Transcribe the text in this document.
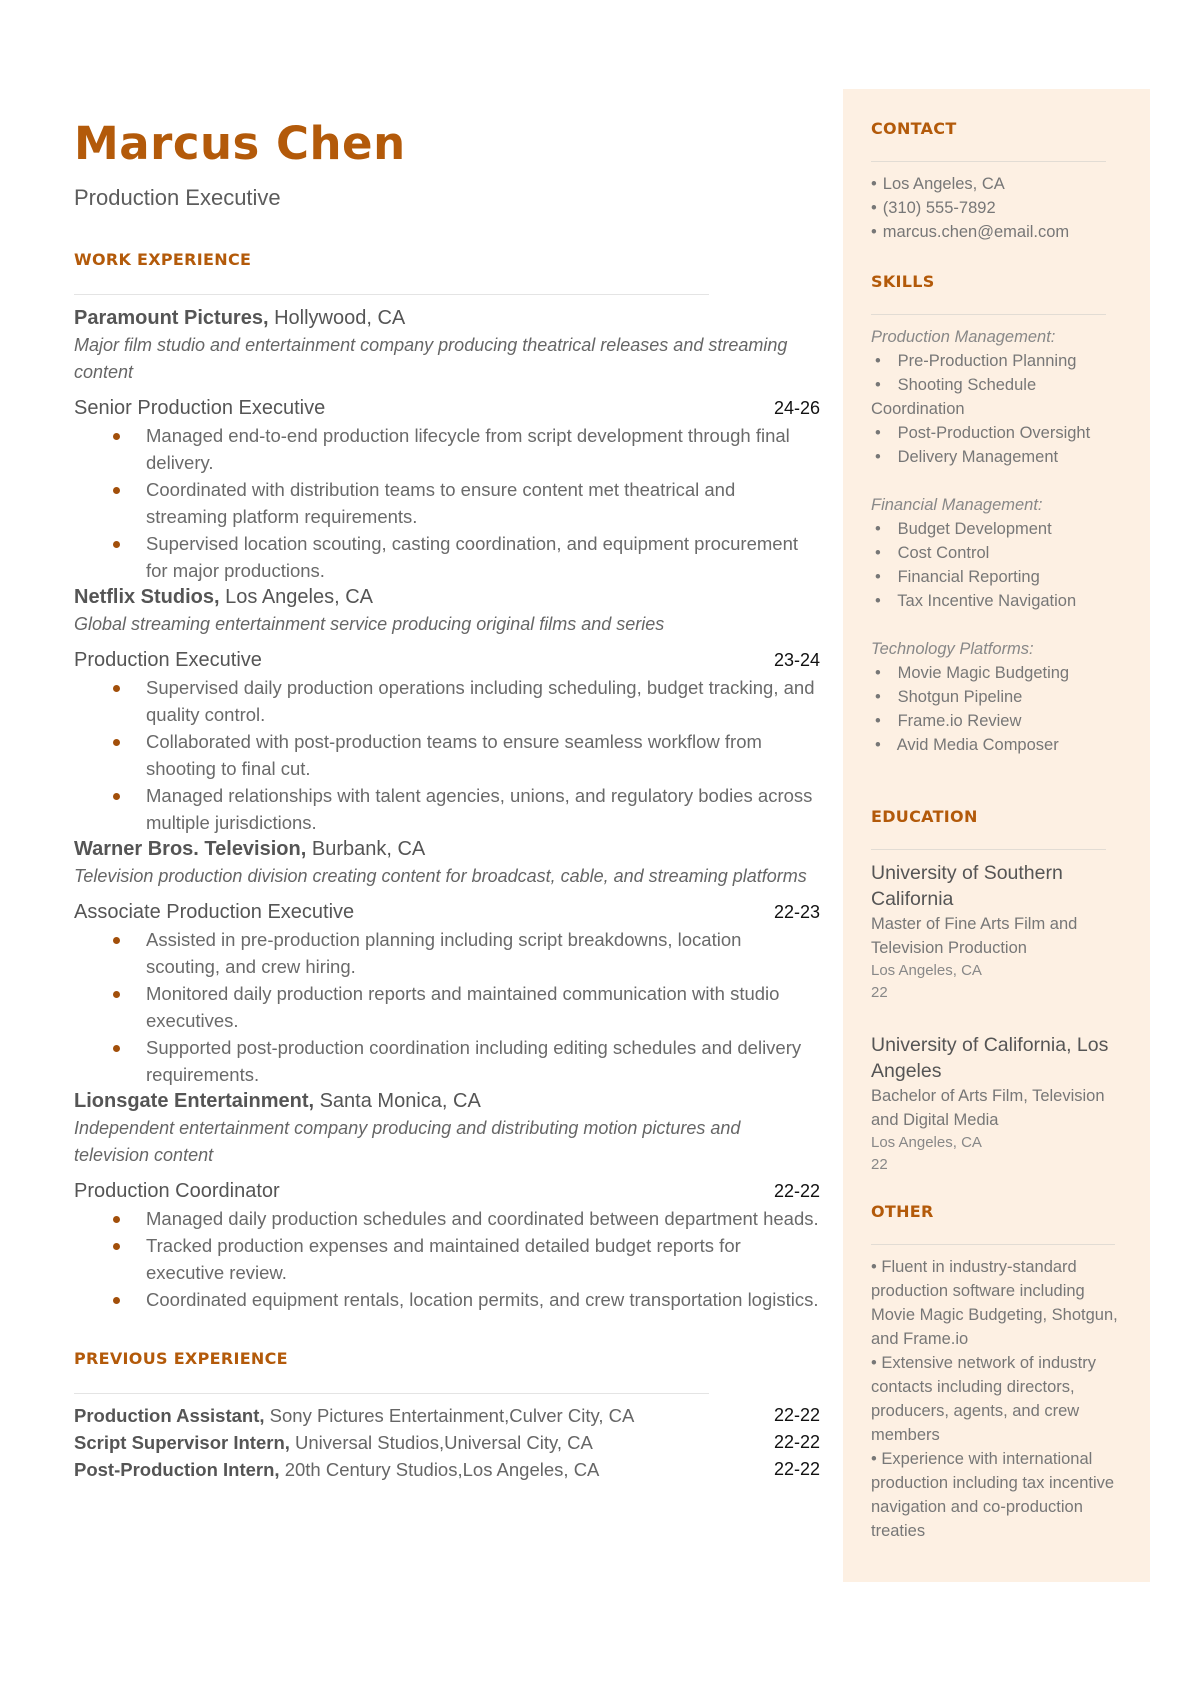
Marcus Chen
Production Executive
WORK EXPERIENCE
Paramount Pictures, Hollywood, CA
Major film studio and entertainment company producing theatrical releases and streaming content
Senior Production Executive	24-26
Managed end-to-end production lifecycle from script development through final delivery.
Coordinated with distribution teams to ensure content met theatrical and streaming platform requirements.
Supervised location scouting, casting coordination, and equipment procurement for major productions.
Netflix Studios, Los Angeles, CA
Global streaming entertainment service producing original films and series
Production Executive	23-24
Supervised daily production operations including scheduling, budget tracking, and quality control.
Collaborated with post-production teams to ensure seamless workflow from shooting to final cut.
Managed relationships with talent agencies, unions, and regulatory bodies across multiple jurisdictions.
Warner Bros. Television, Burbank, CA
Television production division creating content for broadcast, cable, and streaming platforms
Associate Production Executive	22-23
Assisted in pre-production planning including script breakdowns, location scouting, and crew hiring.
Monitored daily production reports and maintained communication with studio executives.
Supported post-production coordination including editing schedules and delivery requirements.
Lionsgate Entertainment, Santa Monica, CA
Independent entertainment company producing and distributing motion pictures and television content
Production Coordinator	22-22
Managed daily production schedules and coordinated between department heads.
Tracked production expenses and maintained detailed budget reports for executive review.
Coordinated equipment rentals, location permits, and crew transportation logistics.
PREVIOUS EXPERIENCE
Production Assistant, Sony Pictures Entertainment,Culver City, CA	22-22
Script Supervisor Intern, Universal Studios,Universal City, CA	22-22
Post-Production Intern, 20th Century Studios,Los Angeles, CA	22-22
CONTACT
• Los Angeles, CA
• (310) 555-7892
• marcus.chen@email.com
SKILLS
Production Management:
• Pre-Production Planning
• Shooting Schedule Coordination
• Post-Production Oversight
• Delivery Management
Financial Management:
• Budget Development
• Cost Control
• Financial Reporting
• Tax Incentive Navigation
Technology Platforms:
• Movie Magic Budgeting
• Shotgun Pipeline
• Frame.io Review
• Avid Media Composer
EDUCATION
University of Southern California
Master of Fine Arts Film and Television Production
Los Angeles, CA
22
University of California, Los Angeles
Bachelor of Arts Film, Television and Digital Media
Los Angeles, CA
22
OTHER
• Fluent in industry-standard production software including Movie Magic Budgeting, Shotgun, and Frame.io
• Extensive network of industry contacts including directors, producers, agents, and crew members
• Experience with international production including tax incentive navigation and co-production treaties
